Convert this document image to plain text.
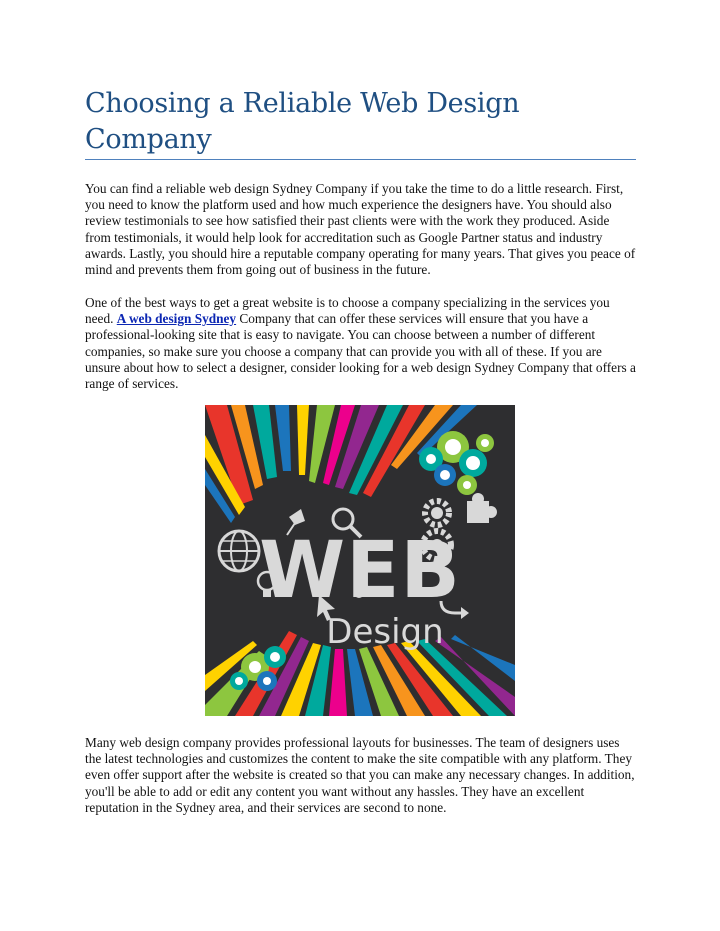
Choosing a Reliable Web Design Company

You can find a reliable web design Sydney Company if you take the time to do a little research. First, you need to know the platform used and how much experience the designers have. You should also review testimonials to see how satisfied their past clients were with the work they produced. Aside from testimonials, it would help look for accreditation such as Google Partner status and industry awards. Lastly, you should hire a reputable company operating for many years. That gives you peace of mind and prevents them from going out of business in the future.

One of the best ways to get a great website is to choose a company specializing in the services you need. A web design Sydney Company that can offer these services will ensure that you have a professional-looking site that is easy to navigate. You can choose between a number of different companies, so make sure you choose a company that can provide you with all of these. If you are unsure about how to select a designer, consider looking for a web design Sydney Company that offers a range of services.

WEB
Design

Many web design company provides professional layouts for businesses. The team of designers uses the latest technologies and customizes the content to make the site compatible with any platform. They even offer support after the website is created so that you can make any necessary changes. In addition, you'll be able to add or edit any content you want without any hassles. They have an excellent reputation in the Sydney area, and their services are second to none.
